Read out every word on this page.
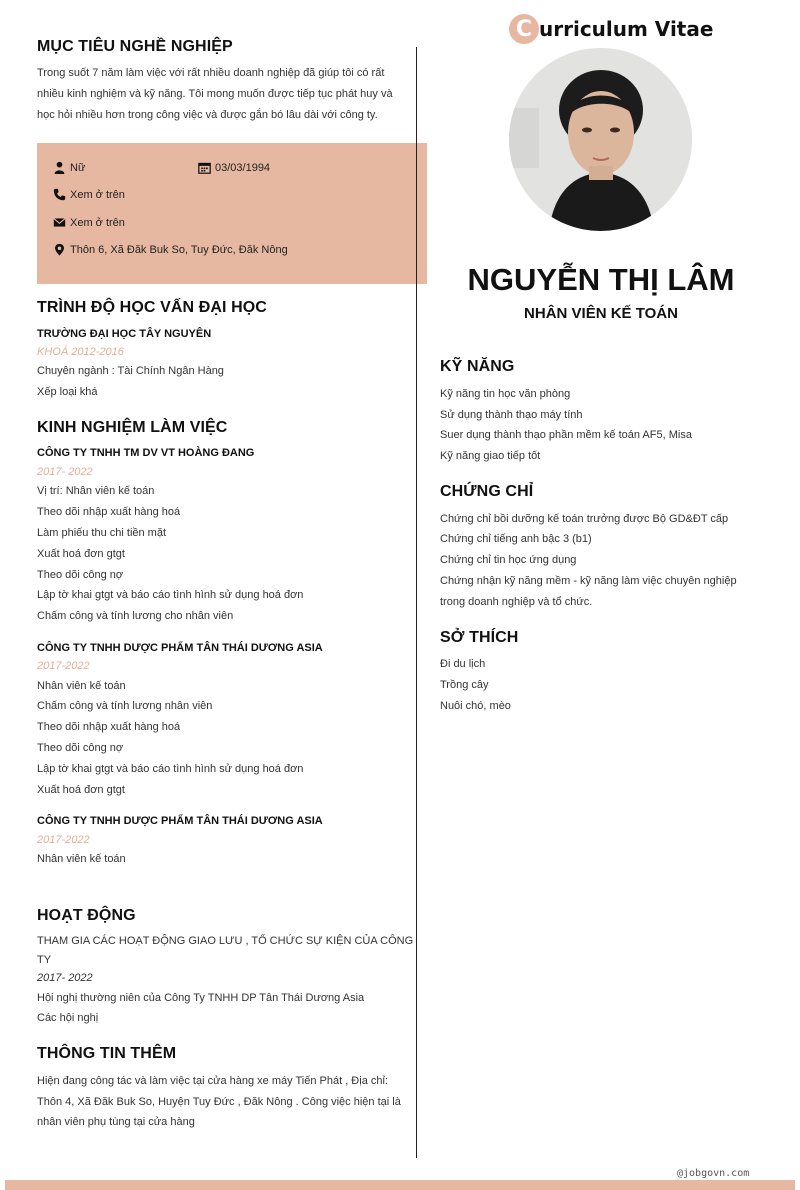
C urriculum Vitae
MỤC TIÊU NGHỀ NGHIỆP
Trong suốt 7 năm làm việc với rất nhiều doanh nghiệp đã giúp tôi có rất
nhiều kinh nghiệm và kỹ năng. Tôi mong muốn được tiếp tục phát huy và
học hỏi nhiều hơn trong công việc và được gắn bó lâu dài với công ty.
Nữ	03/03/1994
Xem ở trên
Xem ở trên
Thôn 6, Xã Đăk Buk So, Tuy Đức, Đăk Nông
TRÌNH ĐỘ HỌC VẤN ĐẠI HỌC
TRƯỜNG ĐẠI HỌC TÂY NGUYÊN
KHOÁ 2012-2016
Chuyên ngành : Tài Chính Ngân Hàng
Xếp loại khá
KINH NGHIỆM LÀM VIỆC
CÔNG TY TNHH TM DV VT HOÀNG ĐANG
2017- 2022
Vị trí: Nhân viên kế toán
Theo dõi nhập xuất hàng hoá
Làm phiếu thu chi tiền mặt
Xuất hoá đơn gtgt
Theo dõi công nợ
Lập tờ khai gtgt và báo cáo tình hình sử dụng hoá đơn
Chấm công và tính lương cho nhân viên
CÔNG TY TNHH DƯỢC PHẨM TÂN THÁI DƯƠNG ASIA
2017-2022
Nhân viên kế toán
Chấm công và tính lương nhân viên
Theo dõi nhập xuất hàng hoá
Theo dõi công nợ
Lập tờ khai gtgt và báo cáo tình hình sử dụng hoá đơn
Xuất hoá đơn gtgt
CÔNG TY TNHH DƯỢC PHẨM TÂN THÁI DƯƠNG ASIA
2017-2022
Nhân viên kế toán
HOẠT ĐỘNG
THAM GIA CÁC HOẠT ĐỘNG GIAO LƯU , TỔ CHỨC SỰ KIỆN CỦA CÔNG
TY
2017- 2022
Hội nghị thường niên của Công Ty TNHH DP Tân Thái Dương Asia
Các hội nghị
THÔNG TIN THÊM
Hiện đang công tác và làm việc tại cửa hàng xe máy Tiến Phát , Địa chỉ:
Thôn 4, Xã Đăk Buk So, Huyện Tuy Đức , Đăk Nông . Công việc hiện tại là
nhân viên phụ tùng tại cửa hàng
NGUYỄN THỊ LÂM
NHÂN VIÊN KẾ TOÁN
KỸ NĂNG
Kỹ năng tin học văn phòng
Sử dụng thành thạo máy tính
Suer dụng thành thạo phần mềm kế toán AF5, Misa
Kỹ năng giao tiếp tốt
CHỨNG CHỈ
Chứng chỉ bồi dưỡng kế toán trưởng được Bộ GD&ĐT cấp
Chứng chỉ tiếng anh bậc 3 (b1)
Chứng chỉ tin học ứng dụng
Chứng nhận kỹ năng mềm - kỹ năng làm việc chuyên nghiệp
trong doanh nghiệp và tổ chức.
SỞ THÍCH
Đi du lịch
Trồng cây
Nuôi chó, mèo
@jobgovn.com
